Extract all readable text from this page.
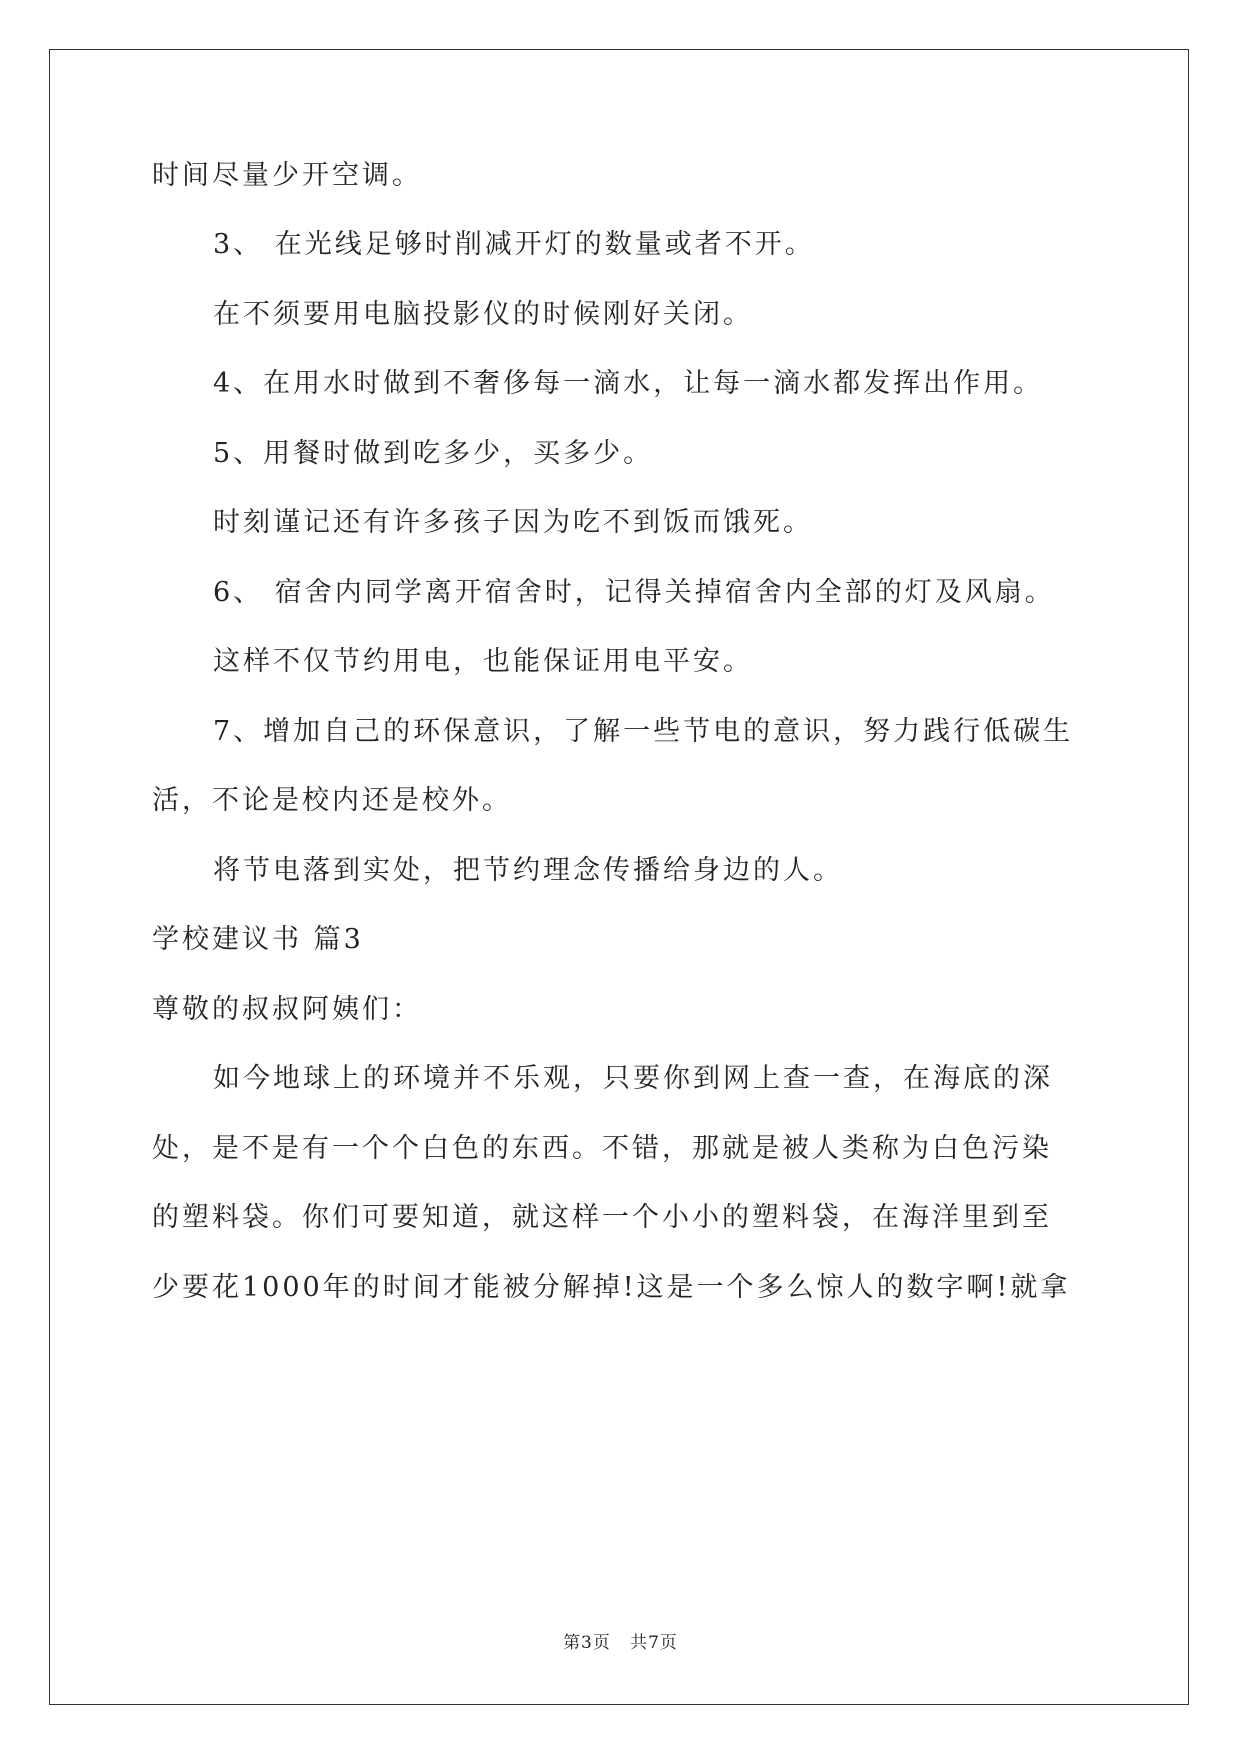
时间尽量少开空调。
3、 在光线足够时削减开灯的数量或者不开。
在不须要用电脑投影仪的时候刚好关闭。
4、在用水时做到不奢侈每一滴水，让每一滴水都发挥出作用。
5、用餐时做到吃多少，买多少。
时刻谨记还有许多孩子因为吃不到饭而饿死。
6、 宿舍内同学离开宿舍时，记得关掉宿舍内全部的灯及风扇。
这样不仅节约用电，也能保证用电平安。
7、增加自己的环保意识，了解一些节电的意识，努力践行低碳生
活，不论是校内还是校外。
将节电落到实处，把节约理念传播给身边的人。
学校建议书 篇3
尊敬的叔叔阿姨们：
如今地球上的环境并不乐观，只要你到网上查一查，在海底的深
处，是不是有一个个白色的东西。不错，那就是被人类称为白色污染
的塑料袋。你们可要知道，就这样一个小小的塑料袋，在海洋里到至
少要花1000年的时间才能被分解掉!这是一个多么惊人的数字啊!就拿
第3页 共7页
